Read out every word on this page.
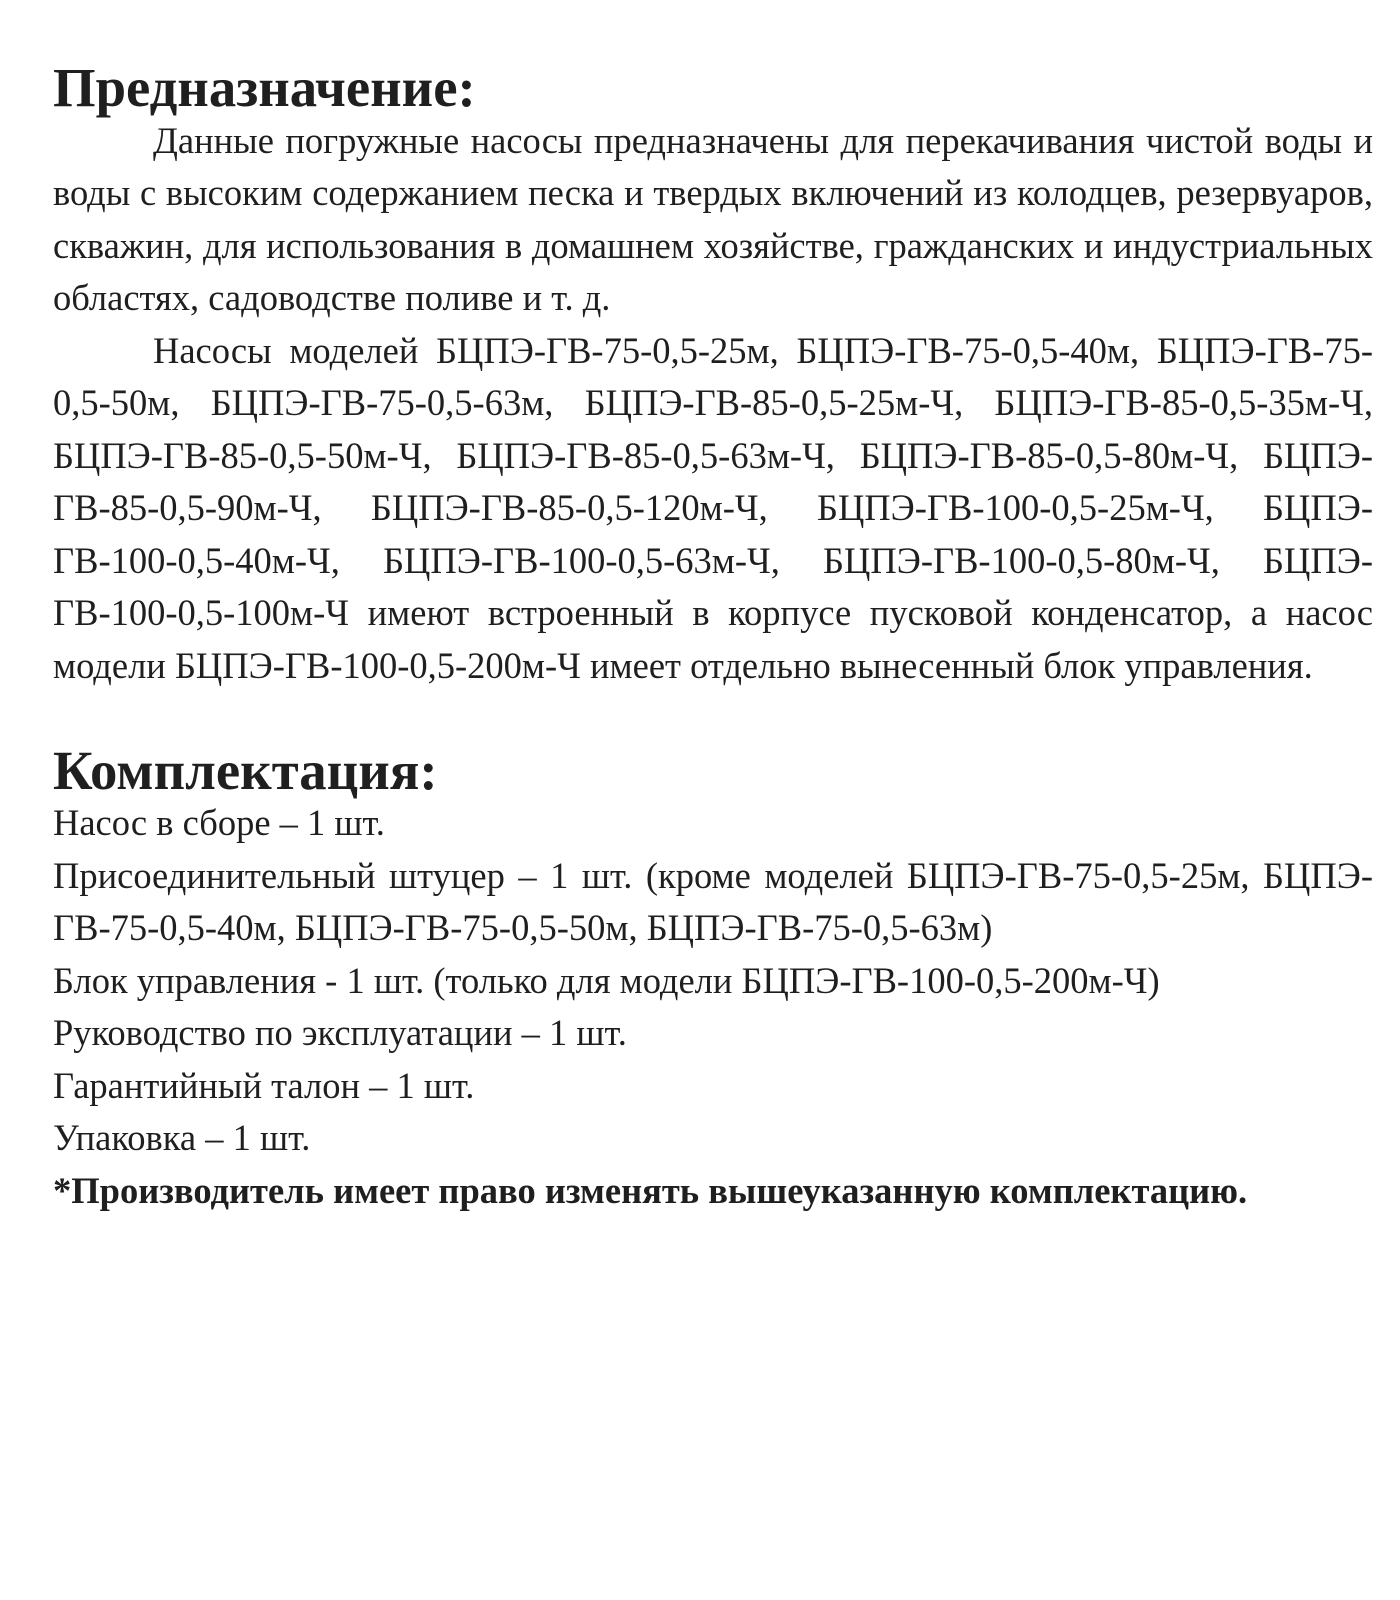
Предназначение:

Данные погружные насосы предназначены для перекачивания чистой воды и воды с высоким содержанием песка и твердых включений из колодцев, резервуаров, скважин, для использования в домашнем хозяйстве, гражданских и индустриальных областях, садоводстве поливе и т. д.

Насосы моделей БЦПЭ-ГВ-75-0,5-25м, БЦПЭ-ГВ-75-0,5-40м, БЦПЭ-ГВ-75-0,5-50м, БЦПЭ-ГВ-75-0,5-63м, БЦПЭ-ГВ-85-0,5-25м-Ч, БЦПЭ-ГВ-85-0,5-35м-Ч, БЦПЭ-ГВ-85-0,5-50м-Ч, БЦПЭ-ГВ-85-0,5-63м-Ч, БЦПЭ-ГВ-85-0,5-80м-Ч, БЦПЭ-ГВ-85-0,5-90м-Ч, БЦПЭ-ГВ-85-0,5-120м-Ч, БЦПЭ-ГВ-100-0,5-25м-Ч, БЦПЭ-ГВ-100-0,5-40м-Ч, БЦПЭ-ГВ-100-0,5-63м-Ч, БЦПЭ-ГВ-100-0,5-80м-Ч, БЦПЭ-ГВ-100-0,5-100м-Ч имеют встроенный в корпусе пусковой конденсатор, а насос модели БЦПЭ-ГВ-100-0,5-200м-Ч имеет отдельно вынесенный блок управления.

Комплектация:

Насос в сборе – 1 шт.

Присоединительный штуцер – 1 шт. (кроме моделей БЦПЭ-ГВ-75-0,5-25м, БЦПЭ-ГВ-75-0,5-40м, БЦПЭ-ГВ-75-0,5-50м, БЦПЭ-ГВ-75-0,5-63м)

Блок управления - 1 шт. (только для модели БЦПЭ-ГВ-100-0,5-200м-Ч)

Руководство по эксплуатации – 1 шт.

Гарантийный талон – 1 шт.

Упаковка – 1 шт.

*Производитель имеет право изменять вышеуказанную комплектацию.
